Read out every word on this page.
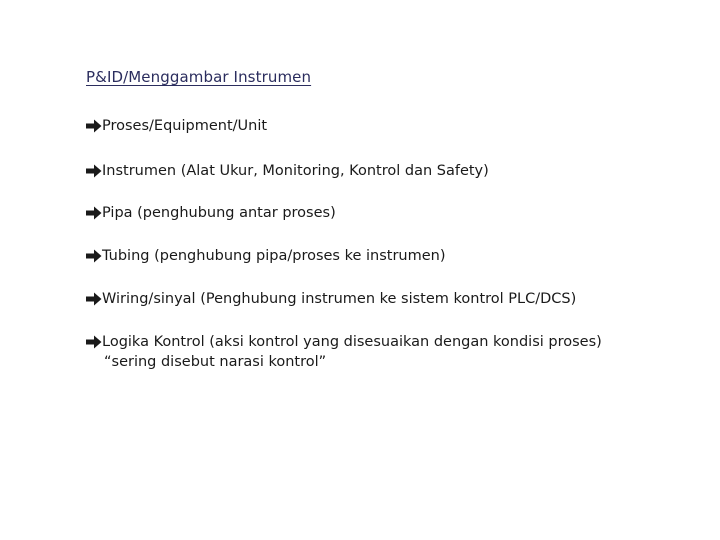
P&ID/Menggambar Instrumen
Proses/Equipment/Unit
Instrumen (Alat Ukur, Monitoring, Kontrol dan Safety)
Pipa (penghubung antar proses)
Tubing (penghubung pipa/proses ke instrumen)
Wiring/sinyal (Penghubung instrumen ke sistem kontrol PLC/DCS)
Logika Kontrol (aksi kontrol yang disesuaikan dengan kondisi proses)
“sering disebut narasi kontrol”
